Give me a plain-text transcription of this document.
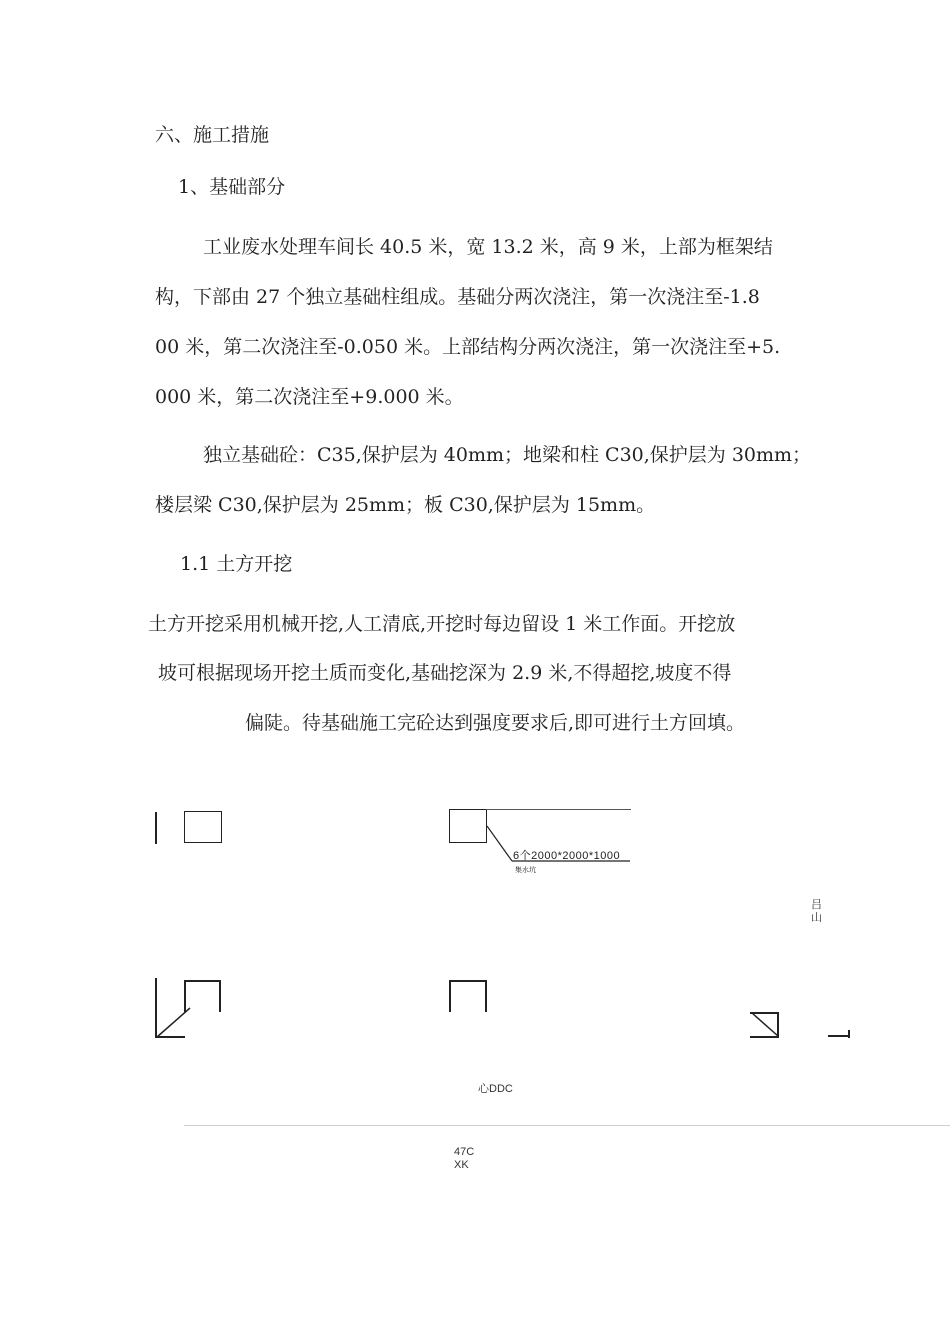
六、施工措施
1、基础部分
工业废水处理车间长 40.5 米，宽 13.2 米，高 9 米，上部为框架结
构，下部由 27 个独立基础柱组成。基础分两次浇注，第一次浇注至-1.8
00 米，第二次浇注至-0.050 米。上部结构分两次浇注，第一次浇注至+5.
000 米，第二次浇注至+9.000 米。
独立基础砼：C35,保护层为 40mm；地梁和柱 C30,保护层为 30mm；
楼层梁 C30,保护层为 25mm；板 C30,保护层为 15mm。
1.1 土方开挖
土方开挖采用机械开挖,人工清底,开挖时每边留设 1 米工作面。开挖放
坡可根据现场开挖土质而变化,基础挖深为 2.9 米,不得超挖,坡度不得
偏陡。待基础施工完砼达到强度要求后,即可进行土方回填。
6个2000*2000*1000
集水坑
吕
山
心DDC
47C
XK
